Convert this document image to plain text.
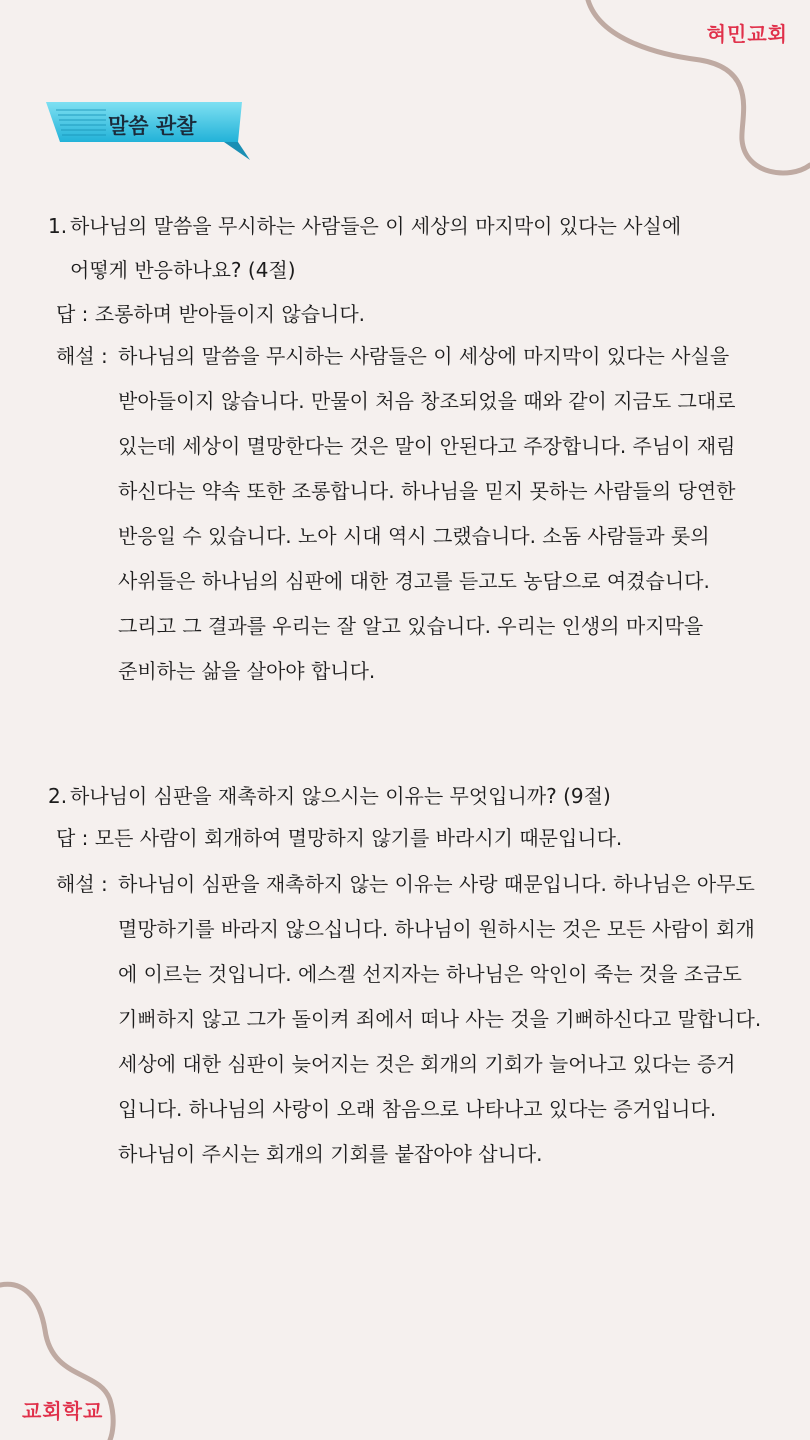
혀민교회
교회학교
말씀 관찰
1. 하나님의 말씀을 무시하는 사람들은 이 세상의 마지막이 있다는 사실에
어떻게 반응하나요? (4절)
답 : 조롱하며 받아들이지 않습니다.
해설 : 하나님의 말씀을 무시하는 사람들은 이 세상에 마지막이 있다는 사실을
받아들이지 않습니다. 만물이 처음 창조되었을 때와 같이 지금도 그대로
있는데 세상이 멸망한다는 것은 말이 안된다고 주장합니다. 주님이 재림
하신다는 약속 또한 조롱합니다. 하나님을 믿지 못하는 사람들의 당연한
반응일 수 있습니다. 노아 시대 역시 그랬습니다. 소돔 사람들과 롯의
사위들은 하나님의 심판에 대한 경고를 듣고도 농담으로 여겼습니다.
그리고 그 결과를 우리는 잘 알고 있습니다. 우리는 인생의 마지막을
준비하는 삶을 살아야 합니다.
2. 하나님이 심판을 재촉하지 않으시는 이유는 무엇입니까? (9절)
답 : 모든 사람이 회개하여 멸망하지 않기를 바라시기 때문입니다.
해설 : 하나님이 심판을 재촉하지 않는 이유는 사랑 때문입니다. 하나님은 아무도
멸망하기를 바라지 않으십니다. 하나님이 원하시는 것은 모든 사람이 회개
에 이르는 것입니다. 에스겔 선지자는 하나님은 악인이 죽는 것을 조금도
기뻐하지 않고 그가 돌이켜 죄에서 떠나 사는 것을 기뻐하신다고 말합니다.
세상에 대한 심판이 늦어지는 것은 회개의 기회가 늘어나고 있다는 증거
입니다. 하나님의 사랑이 오래 참음으로 나타나고 있다는 증거입니다.
하나님이 주시는 회개의 기회를 붙잡아야 삽니다.
